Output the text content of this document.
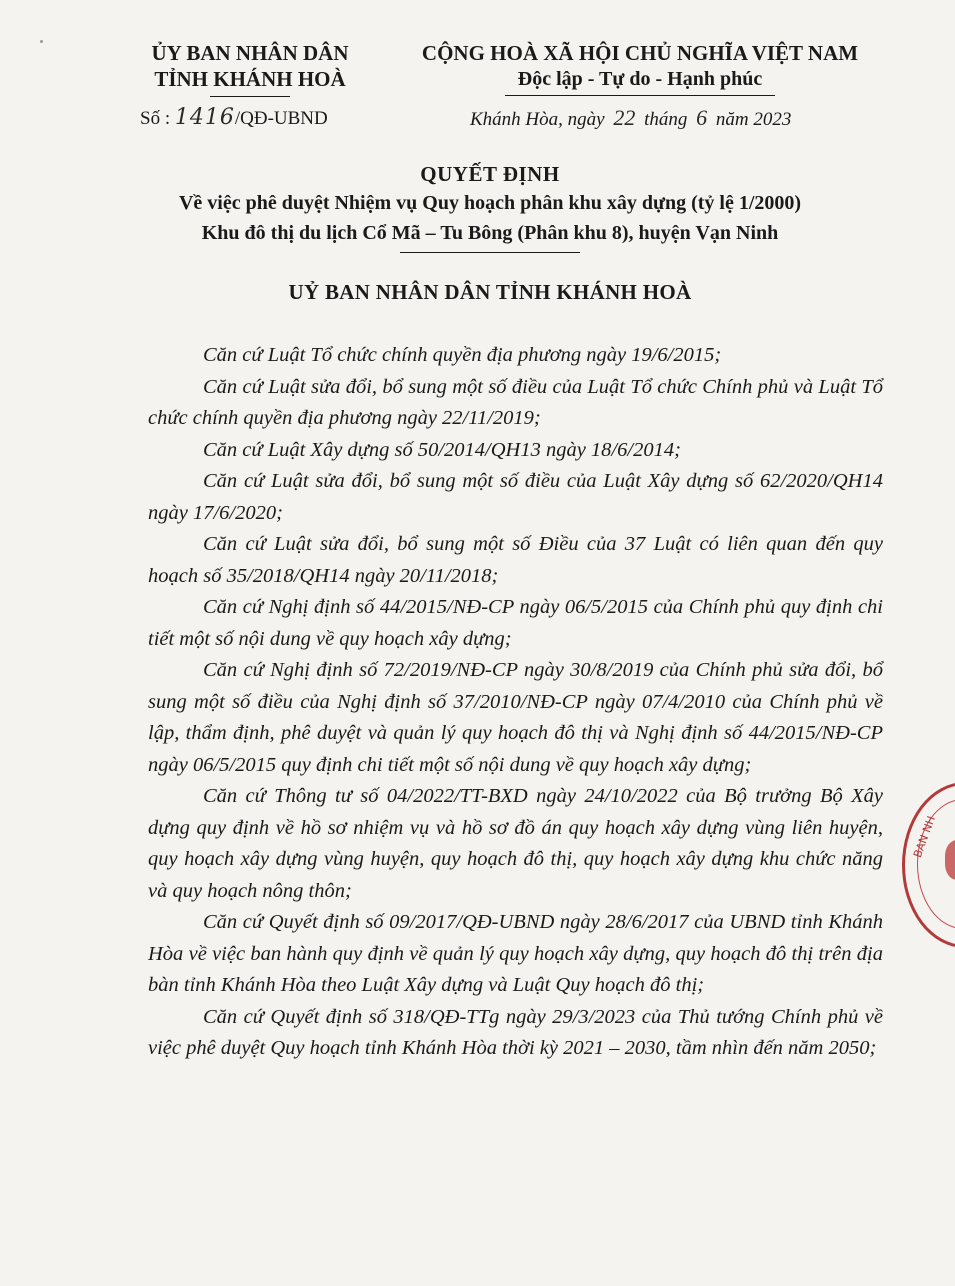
ỦY BAN NHÂN DÂN
TỈNH KHÁNH HOÀ
CỘNG HOÀ XÃ HỘI CHỦ NGHĨA VIỆT NAM
Độc lập - Tự do - Hạnh phúc
Số : 1416/QĐ-UBND	Khánh Hòa, ngày 22 tháng 6 năm 2023
QUYẾT ĐỊNH
Về việc phê duyệt Nhiệm vụ Quy hoạch phân khu xây dựng (tỷ lệ 1/2000)
Khu đô thị du lịch Cổ Mã – Tu Bông (Phân khu 8), huyện Vạn Ninh
UỶ BAN NHÂN DÂN TỈNH KHÁNH HOÀ

Căn cứ Luật Tổ chức chính quyền địa phương ngày 19/6/2015;

Căn cứ Luật sửa đổi, bổ sung một số điều của Luật Tổ chức Chính phủ và Luật Tổ chức chính quyền địa phương ngày 22/11/2019;

Căn cứ Luật Xây dựng số 50/2014/QH13 ngày 18/6/2014;

Căn cứ Luật sửa đổi, bổ sung một số điều của Luật Xây dựng số 62/2020/QH14 ngày 17/6/2020;

Căn cứ Luật sửa đổi, bổ sung một số Điều của 37 Luật có liên quan đến quy hoạch số 35/2018/QH14 ngày 20/11/2018;

Căn cứ Nghị định số 44/2015/NĐ-CP ngày 06/5/2015 của Chính phủ quy định chi tiết một số nội dung về quy hoạch xây dựng;

Căn cứ Nghị định số 72/2019/NĐ-CP ngày 30/8/2019 của Chính phủ sửa đổi, bổ sung một số điều của Nghị định số 37/2010/NĐ-CP ngày 07/4/2010 của Chính phủ về lập, thẩm định, phê duyệt và quản lý quy hoạch đô thị và Nghị định số 44/2015/NĐ-CP ngày 06/5/2015 quy định chi tiết một số nội dung về quy hoạch xây dựng;

Căn cứ Thông tư số 04/2022/TT-BXD ngày 24/10/2022 của Bộ trưởng Bộ Xây dựng quy định về hồ sơ nhiệm vụ và hồ sơ đồ án quy hoạch xây dựng vùng liên huyện, quy hoạch xây dựng vùng huyện, quy hoạch đô thị, quy hoạch xây dựng khu chức năng và quy hoạch nông thôn;

Căn cứ Quyết định số 09/2017/QĐ-UBND ngày 28/6/2017 của UBND tỉnh Khánh Hòa về việc ban hành quy định về quản lý quy hoạch xây dựng, quy hoạch đô thị trên địa bàn tỉnh Khánh Hòa theo Luật Xây dựng và Luật Quy hoạch đô thị;

Căn cứ Quyết định số 318/QĐ-TTg ngày 29/3/2023 của Thủ tướng Chính phủ về việc phê duyệt Quy hoạch tỉnh Khánh Hòa thời kỳ 2021 – 2030, tầm nhìn đến năm 2050;

BAN NH
